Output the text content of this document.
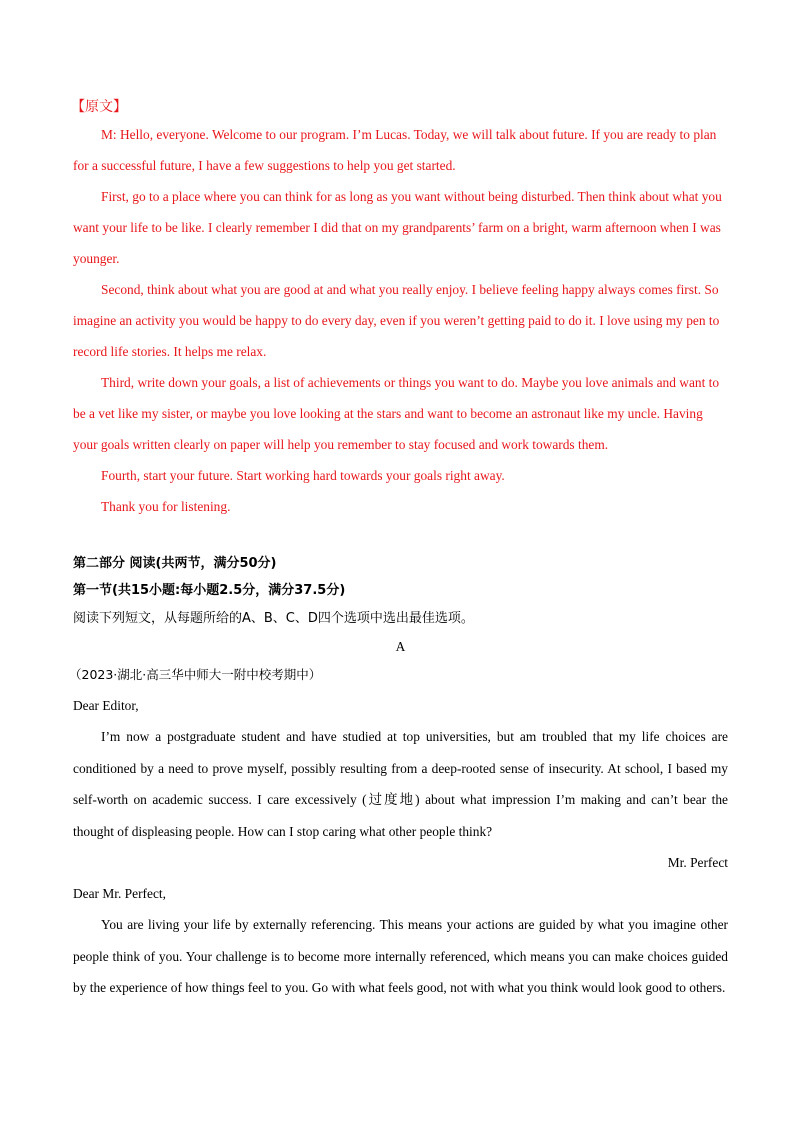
【原文】

M: Hello, everyone. Welcome to our program. I’m Lucas. Today, we will talk about future. If you are ready to plan for a successful future, I have a few suggestions to help you get started.

First, go to a place where you can think for as long as you want without being disturbed. Then think about what you want your life to be like. I clearly remember I did that on my grandparents’ farm on a bright, warm afternoon when I was younger.

Second, think about what you are good at and what you really enjoy. I believe feeling happy always comes first. So imagine an activity you would be happy to do every day, even if you weren’t getting paid to do it. I love using my pen to record life stories. It helps me relax.

Third, write down your goals, a list of achievements or things you want to do. Maybe you love animals and want to be a vet like my sister, or maybe you love looking at the stars and want to become an astronaut like my uncle. Having your goals written clearly on paper will help you remember to stay focused and work towards them.

Fourth, start your future. Start working hard towards your goals right away.

Thank you for listening.

第二部分 阅读(共两节，满分50分)
第一节(共15小题:每小题2.5分，满分37.5分)
阅读下列短文，从每题所给的A、B、C、D四个选项中选出最佳选项。
A
（2023·湖北·高三华中师大一附中校考期中）

Dear Editor,

I’m now a postgraduate student and have studied at top universities, but am troubled that my life choices are conditioned by a need to prove myself, possibly resulting from a deep-rooted sense of insecurity. At school, I based my self-worth on academic success. I care excessively (过度地) about what impression I’m making and can’t bear the thought of displeasing people. How can I stop caring what other people think?

Mr. Perfect

Dear Mr. Perfect,

You are living your life by externally referencing. This means your actions are guided by what you imagine other people think of you. Your challenge is to become more internally referenced, which means you can make choices guided by the experience of how things feel to you. Go with what feels good, not with what you think would look good to others.
